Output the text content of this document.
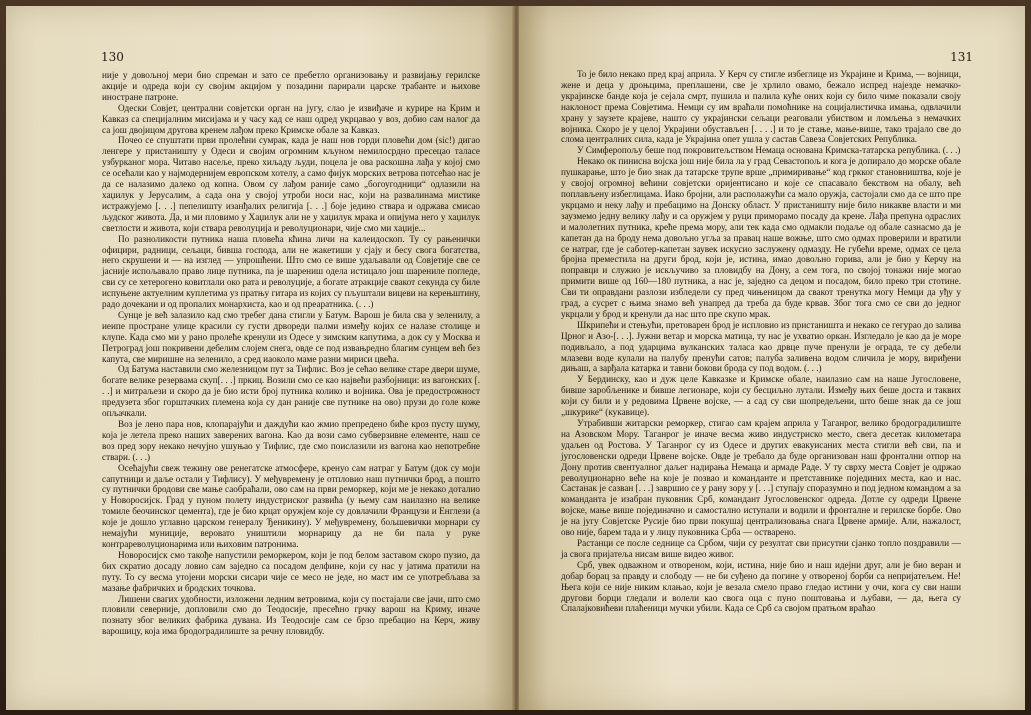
130

није у довољној мери био спреман и зато се пребетло организовању и развијању герилске акције и одреда који су својим акцијом у позадини парирали царске трабанте и њихове иностране патроне.

Одески Совјет, централни совјетски орган на југу, слао је извиђаче и курире на Крим и Кавказ са специјалним мисијама и у часу кад се наш одред укрцавао у воз, добио сам налог да са још двојицом другова кренем лађом преко Кримске обале за Кавказ.

Почео се спуштати први пролећни сумрак, када је наш нов горди пловећи дом (sic!) дигао ленгере у пристаништу у Одеси и својим огромним кљуном немилосрдно пресецао таласе узбурканог мора. Читаво насеље, преко хиљаду људи, поцела је ова раскошна лађа у којој смо се осећали као у најмодернијем европском хотелу, а само фијук морских ветрова потсећао нас је да се налазимо далеко од копна. Овом су лађом раније само „богоугодници“ одлазили на хаџилук у Јерусалим, а сада она у својој утроби носи нас, који на развалинама мистике истражујемо [. . .] пепелишту изанђалих религија [. . .] боје једино ствара и одржава смисао људског живота. Да, и ми пловимо у Хаџилук али не у хаџилук мрака и опијума него у хаџилук светлости и живота, који ствара револуција и револуционари, чије смо ми хаџије...

По разноликости путника наша пловећа кћина личи на калеидоскоп. Ту су рањенички официри, радници, сељаци, бивша господа, али не жакетиши у сјају и бесу свога богатства, него скрушени и — на изглед — упрошћени. Што смо се више удаљавали од Совјетије све се јасније испољавало право лице путника, па је шарениш одела истицало још шарениле погледе, сви су се хетерогено ковитлали око рата и револуције, а богате атракције свакот секунда су биле испуњене актуелним куплетима уз пратњу гитара из којих су пљуштали вицеви на керењштину, радо дочекани и од пропалих монархиста, као и од преаратника. (. . .)

Сунце је већ залазило кад смо требег дана стигли у Батум. Варош је била сва у зеленилу, а иеипе простране улице красили су густи дрвореди палми између којих се налазе столице и клупе. Када смо ми у рано пролеће кренули из Одесе у зимским капутима, а док су у Москва и Петроград још покривени дебелим слојем снега, овде се под извањредно благим сунцем већ без капута, све миришне на зеленило, а сред иаоколо маме разни мириси цвећа.

Од Батума наставили смо железницом пут за Тифлис. Воз је сећао велике старе двери шуме, богате велике резервама скуп[. . .] пркиц. Возили смо се као највећи разбојници: из вагонских [. . .] и митраљези и скоро да је био исти број путника колико и војника. Ова је предострожност предузета због горштачких племена која су дан раније све путнике на ово) прузи до голе коже опљачкали.

Воз је лено пара нов, клопарајући и даждући као жмио препредено биће кроз пусту шуму, која је летела преко наших заверених вагона. Као да вози само субверзивне елементе, наш се воз пред зору некако нечујно ушуњао у Тифлис, где смо поислазили из вагона као непотребне ствари. (. . .)

Осећајући свеж тежину ове ренегатске атмосфере, кренуо сам натраг у Батум (док су моји сапутници и даље остали у Тифлису). У међувремену је отпловио наш путнички брод, а пошто су путнички бродови све мање саобраћали, ово сам на први реморкер, који ме је некако доталио у Новоросијск. Град у пуном полету индустриског развића (у њему сам наилазно на велике томиле беочинског цемента), где је био крцат оружјем које су довлачили Французи и Енглези (а које је дошло углавно царском генералу Ђеникину). У међувремену, бољшевички морнари су немајући муниције, веровато уништили морнарицу да не би пала у руке контрареволуционарима или њиховим патронима.

Новоросијск смо такође напустили реморкером, који је под белом заставом скоро пузио, да бих скратио досаду ловио сам заједно са посадом делфине, који су нас у јатима пратили на путу. То су весма утојени морски сисари чије се месо не једе, но маст им се употребљава за мазање фабричких и бродских точкова.

Лишени свагих удобности, изложени ледним ветровима, који су постајали све јачи, што смо пловили северније, допловили смо до Теодосије, пресећно грчку варош на Криму, иначе познату због великих фабрика дувана. Из Теодосије сам се брзо пребацио на Керч, живу варошицу, која има бродоградилиште за речну пловидбу.

131

То је било некако пред крај априла. У Керч су стигле избеглице из Украјине и Крима, — војници, жене и деца у дроњцима, преплашени, све је хрлило овамо, бежало испред најезде немачко-украјинске банде која је сејала смрт, пушила и палила куће оних који су било чиме показали своју наклоност према Совјетима. Немци су им враћали помоћнике на социјалистичка имања, одвлачили храну у заузете крајеве, нашто су украјински сељаци реаговали убиством и ломљења з немачких војника. Скоро је у целој Украјини обустављен [. . . .] и то је стање, мање-више, тако трајало све до слома централних сила, када је Украјина опет ушла у састав Савеза Совјетских Република.

У Симферопољу беше под покровитељством Немаца основана Кримска-татарска република. (. . .)

Некако ок пинисна војска још није била ла у град Севастопољ и кога је допирало до морске обале пушкарање, што је био знак да татарске трупе врше „примиривање“ код гркког становништва, које је у својој огромној већини совјетски оријентисано и које се спасавало бекством на обалу, већ поплављену избеглицама. Иако бројни, али располажући са мало оружја, састојали смо да се што пре укрцамо и неку лађу и пребацимо на Донску област. У пристаништу није било никакве власти и ми заузмемо једну велику лађу и са оружјем у руци приморамо посаду да крене. Лађа препуна одраслих и малолетних путника, креће према мору, али тек када смо одмакли подаље од обале сазнасмо да је капетан да на броду нема довољно угља за правац наше вожње, што смо одмах проверили и вратили се натраг, где је саботер-капетан заувек искусио заслужену одмазду. Не губећи време, одмах се цела бројна преместила на други брод, који је, истина, имао довољно горива, али је био у Керчу на поправци и служио је искључиво за пловидбу на Дону, а сем тога, по својој тонажи није могао примити више од 160—180 путника, а нас је, заједно са децом и посадом, било преко три стотине. Сви ти оправдани разлози избледели су пред чињеницом да свакот тренутка могу Немци да уђу у град, а сусрет с њима знамо већ унапред да треба да буде крвав. Због тога смо се сви до једног укрцали у брод и кренули да нас што пре скупо мрак.

Шкрипећи и стењући, претоварен брод је испловио из пристаништа и некако се гегурао до залива Црног и Азо-[. . .]. Јужни ветар и морска матица, ту нас је ухватио оркан. Изгледало је као да је море подивљало, а под ударцима вулканских таласа као дрвце пуче пренули је ограда, те су дебели млазеви воде кулали на палубу пренући сатов; палуба заливена водом сличила је мору, вириђени дињаш, а зарђала катарка и тавни бокови брода су под водом. (. . .)

У Бердинску, као и дуж целе Кавказке и Кримске обале, наилазио сам на наше Југословене, бивше заробљенике и бивше легионаре, који су бесциљно лутали. Између њих беше доста и таквих који су били и у редовима Црвене војске, — а сад су сви шопредељени, што беше знак да се још „шкурике“ (кукавице).

Утрабивши житарски реморкер, стигао сам крајем априла у Таганрог, велико бродоградилиште на Азовском Мору. Таганрог је иначе весма живо индустриско место, свега десетак километара удаљен од Ростова. У Таганрог су из Одесе и других евакуисаних места стигли већ сви, па и југословенски одреди Црвене војске. Овде је требало да буде организован наш фронтални отпор на Дону против свентуалног даљег надирања Немаца и армаде Раде. У ту сврху места Совјет је одржао револуционарно веће на које је позвао и команданте и претставнике појединих места, као и нас. Састанак је сазван [. . .] завршио се у рану зору у [. . .] ступају споразумно и под једном командом а за команданта је изабран пуковник Срб, командант Југословенског одреда. Дотле су одреди Црвене војске, мање више појединачно и самостално иступали и водили и фронталне и герилске борбе. Ово је на југу Совјетске Русије био први покушај централизовања снага Црвене армије. Али, нажалост, ово није, барем тада и у лицу пуковника Срба — остварено.

Растанци се после седнице са Србом, чији су резултат сви присутни сјанко топло поздравили — ја свога пријатеља нисам више видео живог.

Срб, увек одважном и отвореном, који, истина, није био и наш идејни друг, али је био веран и добар борац за правду и слободу — не би суђено да погине у отвореној борби са непријатељем. Не! Њега који се није никим клањао, који је везала смело право гледао истини у очи, кога су сви наши другови борци гледали и волели као свога оца с пуно поштовања и љубави, — да, њега су Спалајковићеви плаћеници мучки убили. Када се Срб са својом пратњом враћао
